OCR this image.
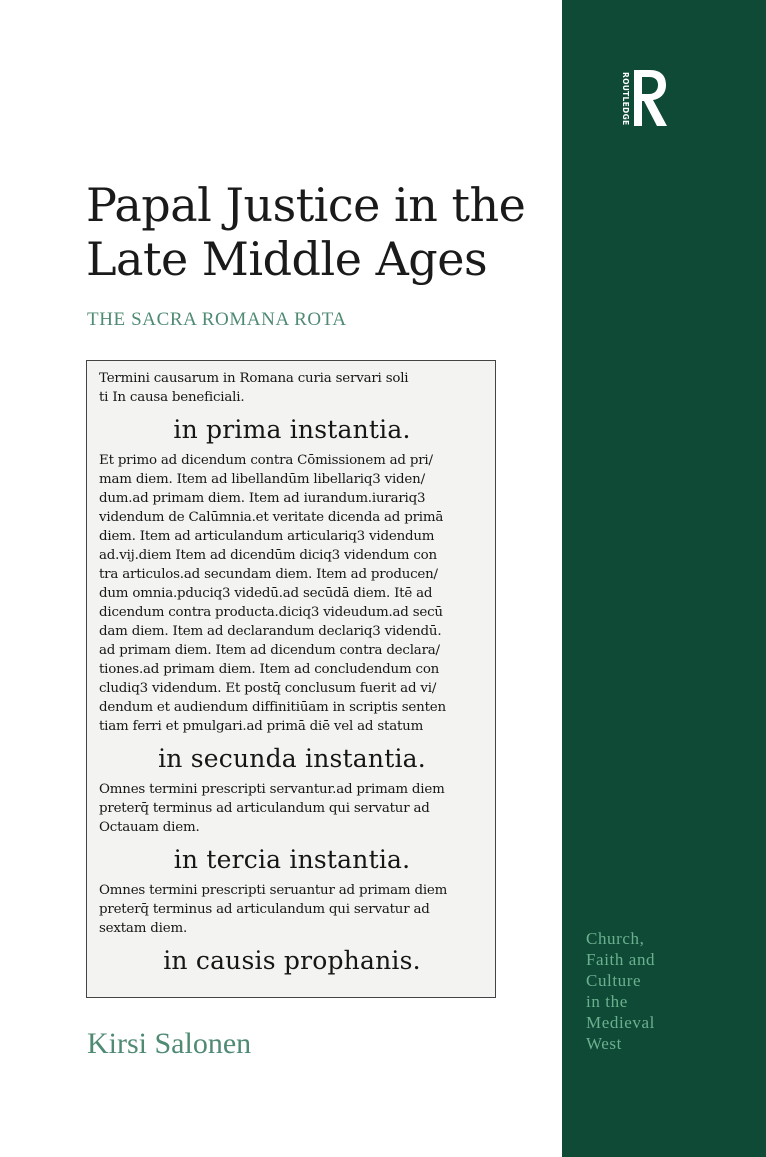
ROUTLEDGE
Papal Justice in the
Late Middle Ages
THE SACRA ROMANA ROTA
Termini causarum in Romana curia servari soli
ti In causa beneficiali.
in prima instantia.
Et primo ad dicendum contra Cōmissionem ad pri/
mam diem. Item ad libellandūm libellariq3 viden/
dum.ad primam diem. Item ad iurandum.iurariq3
videndum de Calūmnia.et veritate dicenda ad primā
diem. Item ad articulandum articulariq3 videndum
ad.vij.diem Item ad dicendūm diciq3 videndum con
tra articulos.ad secundam diem. Item ad producen/
dum omnia.pduciq3 videdū.ad secūdā diem. Itē ad
dicendum contra producta.diciq3 videudum.ad secū
dam diem. Item ad declarandum declariq3 videndū.
ad primam diem. Item ad dicendum contra declara/
tiones.ad primam diem. Item ad concludendum con
cludiq3 videndum. Et postq̄ conclusum fuerit ad vi/
dendum et audiendum diffinitiūam in scriptis senten
tiam ferri et pmulgari.ad primā diē vel ad statum
in secunda instantia.
Omnes termini prescripti servantur.ad primam diem
preterq̄ terminus ad articulandum qui servatur ad
Octauam diem.
in tercia instantia.
Omnes termini prescripti seruantur ad primam diem
preterq̄ terminus ad articulandum qui servatur ad
sextam diem.
in causis prophanis.
Kirsi Salonen
Church,
Faith and
Culture
in the
Medieval
West
